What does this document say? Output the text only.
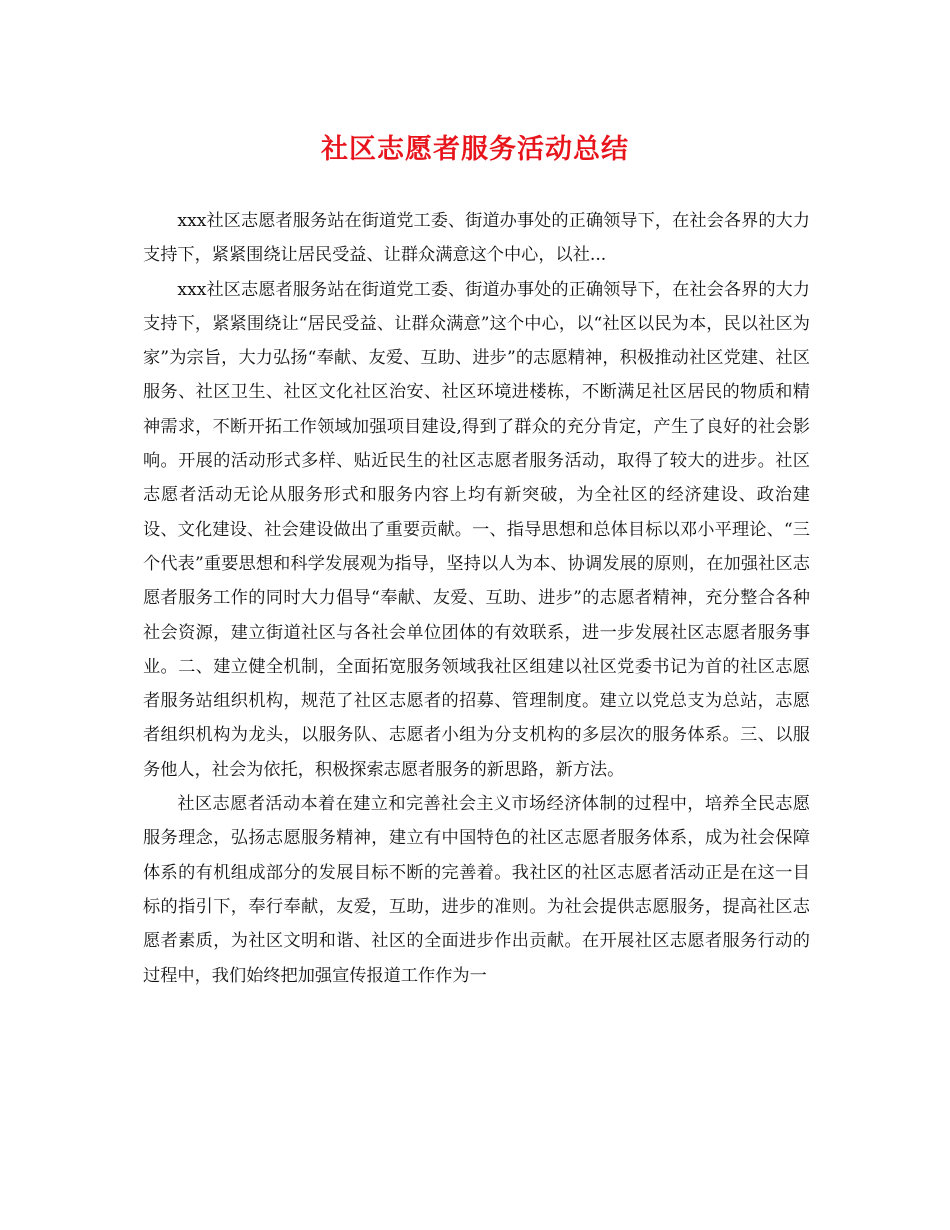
社区志愿者服务活动总结

xxx社区志愿者服务站在街道党工委、街道办事处的正确领导下，在社会各界的大力支持下，紧紧围绕让居民受益、让群众满意这个中心，以社...

xxx社区志愿者服务站在街道党工委、街道办事处的正确领导下，在社会各界的大力支持下，紧紧围绕让“居民受益、让群众满意”这个中心，以“社区以民为本，民以社区为家”为宗旨，大力弘扬“奉献、友爱、互助、进步”的志愿精神，积极推动社区党建、社区服务、社区卫生、社区文化社区治安、社区环境进楼栋，不断满足社区居民的物质和精神需求，不断开拓工作领域加强项目建设,得到了群众的充分肯定，产生了良好的社会影响。开展的活动形式多样、贴近民生的社区志愿者服务活动，取得了较大的进步。社区志愿者活动无论从服务形式和服务内容上均有新突破，为全社区的经济建设、政治建设、文化建设、社会建设做出了重要贡献。一、指导思想和总体目标以邓小平理论、“三个代表”重要思想和科学发展观为指导，坚持以人为本、协调发展的原则，在加强社区志愿者服务工作的同时大力倡导“奉献、友爱、互助、进步”的志愿者精神，充分整合各种社会资源，建立街道社区与各社会单位团体的有效联系，进一步发展社区志愿者服务事业。二、建立健全机制，全面拓宽服务领域我社区组建以社区党委书记为首的社区志愿者服务站组织机构，规范了社区志愿者的招募、管理制度。建立以党总支为总站，志愿者组织机构为龙头，以服务队、志愿者小组为分支机构的多层次的服务体系。三、以服务他人，社会为依托，积极探索志愿者服务的新思路，新方法。

社区志愿者活动本着在建立和完善社会主义市场经济体制的过程中，培养全民志愿服务理念，弘扬志愿服务精神，建立有中国特色的社区志愿者服务体系，成为社会保障体系的有机组成部分的发展目标不断的完善着。我社区的社区志愿者活动正是在这一目标的指引下，奉行奉献，友爱，互助，进步的准则。为社会提供志愿服务，提高社区志愿者素质，为社区文明和谐、社区的全面进步作出贡献。在开展社区志愿者服务行动的过程中，我们始终把加强宣传报道工作作为一
